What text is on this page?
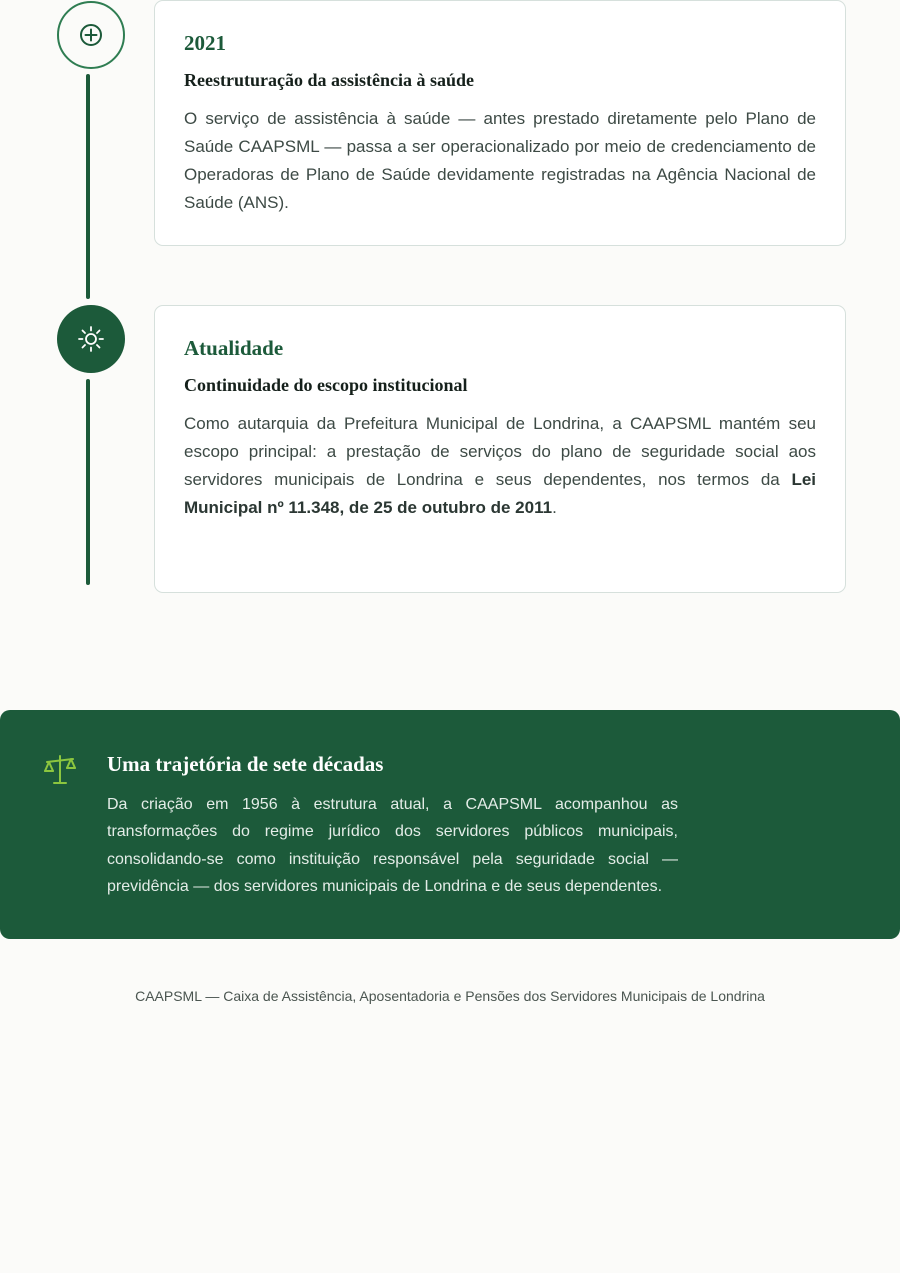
2021
Reestruturação da assistência à saúde

O serviço de assistência à saúde — antes prestado diretamente pelo Plano de Saúde CAAPSML — passa a ser operacionalizado por meio de credenciamento de Operadoras de Plano de Saúde devidamente registradas na Agência Nacional de Saúde (ANS).

Atualidade
Continuidade do escopo institucional

Como autarquia da Prefeitura Municipal de Londrina, a CAAPSML mantém seu escopo principal: a prestação de serviços do plano de seguridade social aos servidores municipais de Londrina e seus dependentes, nos termos da Lei Municipal nº 11.348, de 25 de outubro de 2011.

Uma trajetória de sete décadas

Da criação em 1956 à estrutura atual, a CAAPSML acompanhou as transformações do regime jurídico dos servidores públicos municipais, consolidando-se como instituição responsável pela seguridade social — previdência — dos servidores municipais de Londrina e de seus dependentes.

CAAPSML — Caixa de Assistência, Aposentadoria e Pensões dos Servidores Municipais de Londrina
